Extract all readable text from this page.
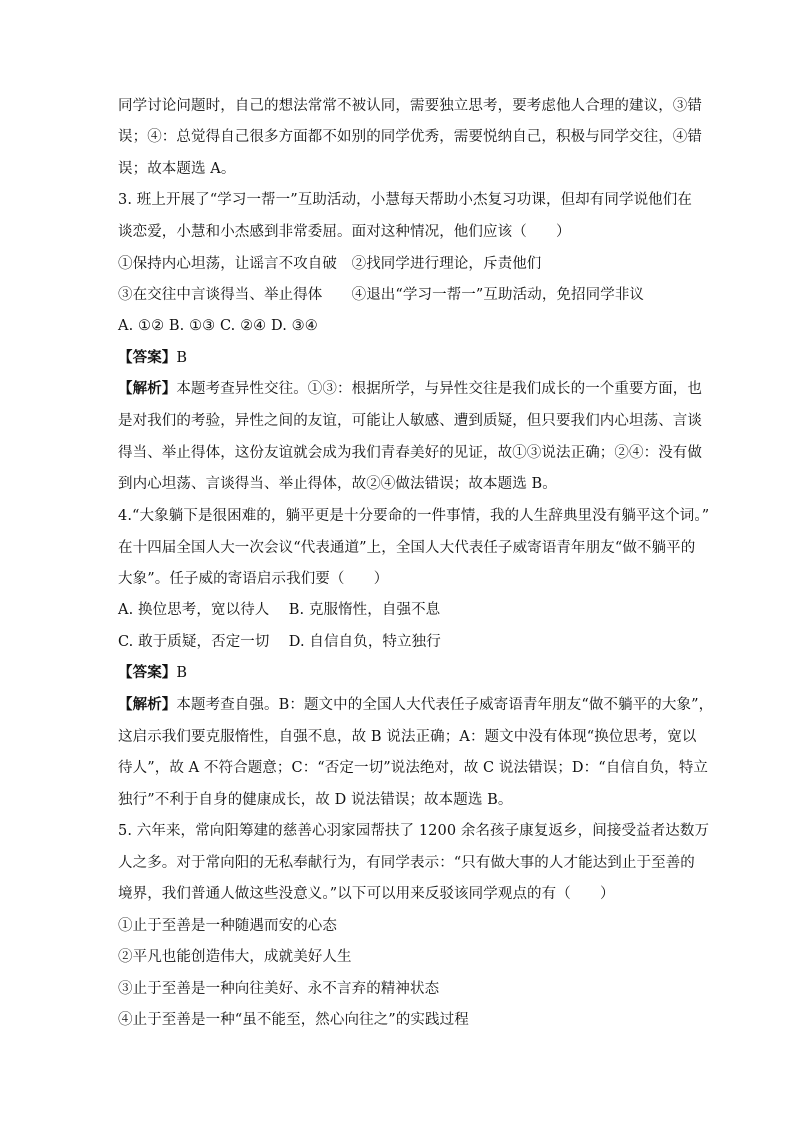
同学讨论问题时，自己的想法常常不被认同，需要独立思考，要考虑他人合理的建议，③错
误；④：总觉得自己很多方面都不如别的同学优秀，需要悦纳自己，积极与同学交往，④错
误；故本题选 A。
3. 班上开展了“学习一帮一”互助活动，小慧每天帮助小杰复习功课，但却有同学说他们在
谈恋爱，小慧和小杰感到非常委屈。面对这种情况，他们应该（　　）
①保持内心坦荡，让谣言不攻自破　②找同学进行理论，斥责他们
③在交往中言谈得当、举止得体　　④退出“学习一帮一”互助活动，免招同学非议
A. ①② B. ①③ C. ②④ D. ③④
【答案】B
【解析】本题考查异性交往。①③：根据所学，与异性交往是我们成长的一个重要方面，也
是对我们的考验，异性之间的友谊，可能让人敏感、遭到质疑，但只要我们内心坦荡、言谈
得当、举止得体，这份友谊就会成为我们青春美好的见证，故①③说法正确；②④：没有做
到内心坦荡、言谈得当、举止得体，故②④做法错误；故本题选 B。
4.“大象躺下是很困难的，躺平更是十分要命的一件事情，我的人生辞典里没有躺平这个词。”
在十四届全国人大一次会议“代表通道”上，全国人大代表任子威寄语青年朋友“做不躺平的
大象”。任子威的寄语启示我们要（　　）
A. 换位思考，宽以待人　 B. 克服惰性，自强不息
C. 敢于质疑，否定一切　 D. 自信自负，特立独行
【答案】B
【解析】本题考查自强。B：题文中的全国人大代表任子威寄语青年朋友“做不躺平的大象”，
这启示我们要克服惰性，自强不息，故 B 说法正确；A：题文中没有体现“换位思考，宽以
待人”，故 A 不符合题意；C：“否定一切”说法绝对，故 C 说法错误；D：“自信自负，特立
独行”不利于自身的健康成长，故 D 说法错误；故本题选 B。
5. 六年来，常向阳筹建的慈善心羽家园帮扶了 1200 余名孩子康复返乡，间接受益者达数万
人之多。对于常向阳的无私奉献行为，有同学表示：“只有做大事的人才能达到止于至善的
境界，我们普通人做这些没意义。”以下可以用来反驳该同学观点的有（　　）
①止于至善是一种随遇而安的心态
②平凡也能创造伟大，成就美好人生
③止于至善是一种向往美好、永不言弃的精神状态
④止于至善是一种“虽不能至，然心向往之”的实践过程
